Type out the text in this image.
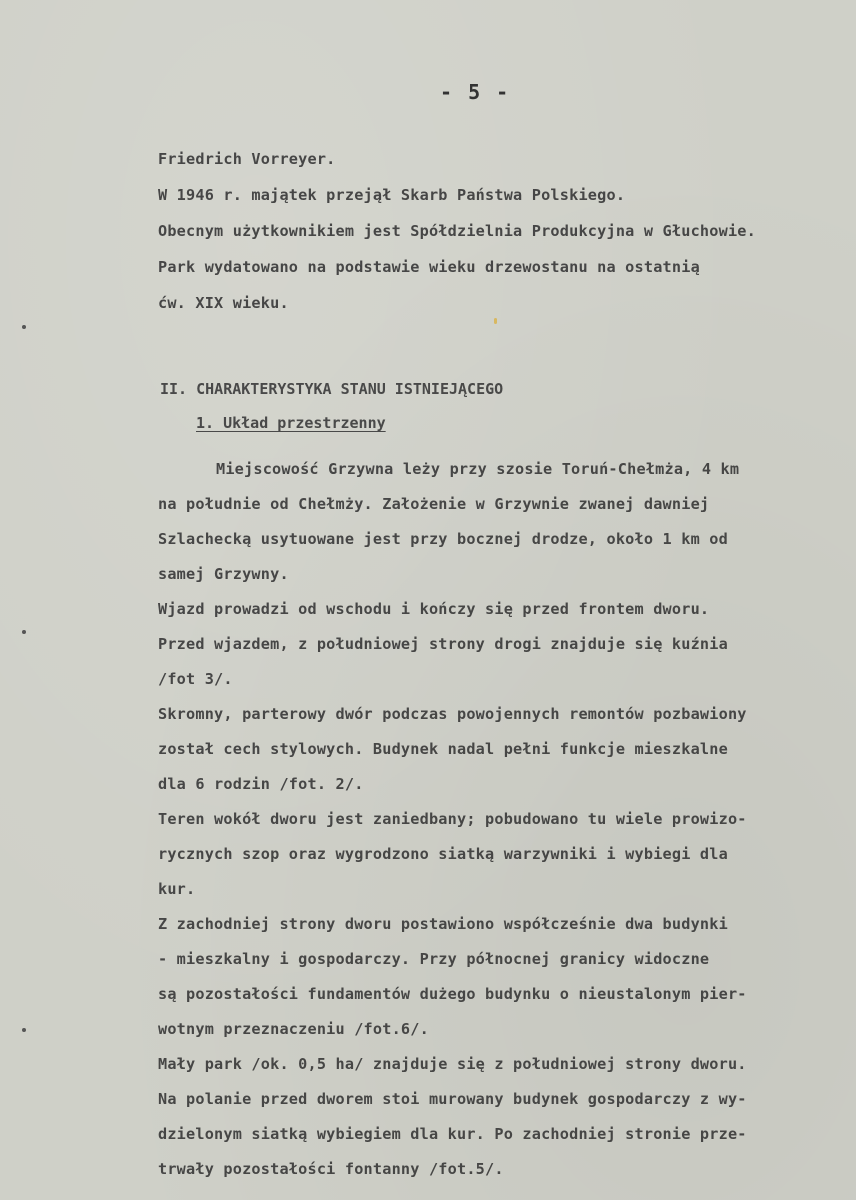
- 5 -
Friedrich Vorreyer.
W 1946 r. majątek przejął Skarb Państwa Polskiego.
Obecnym użytkownikiem jest Spółdzielnia Produkcyjna w Głuchowie.
Park wydatowano na podstawie wieku drzewostanu na ostatnią
ćw. XIX wieku.
II. CHARAKTERYSTYKA STANU ISTNIEJĄCEGO
1. Układ przestrzenny
Miejscowość Grzywna leży przy szosie Toruń-Chełmża, 4 km
na południe od Chełmży. Założenie w Grzywnie zwanej dawniej
Szlachecką usytuowane jest przy bocznej drodze, około 1 km od
samej Grzywny.
Wjazd prowadzi od wschodu i kończy się przed frontem dworu.
Przed wjazdem, z południowej strony drogi znajduje się kuźnia
/fot 3/.
Skromny, parterowy dwór podczas powojennych remontów pozbawiony
został cech stylowych. Budynek nadal pełni funkcje mieszkalne
dla 6 rodzin /fot. 2/.
Teren wokół dworu jest zaniedbany; pobudowano tu wiele prowizo-
rycznych szop oraz wygrodzono siatką warzywniki i wybiegi dla
kur.
Z zachodniej strony dworu postawiono współcześnie dwa budynki
- mieszkalny i gospodarczy. Przy północnej granicy widoczne
są pozostałości fundamentów dużego budynku o nieustalonym pier-
wotnym przeznaczeniu /fot.6/.
Mały park /ok. 0,5 ha/ znajduje się z południowej strony dworu.
Na polanie przed dworem stoi murowany budynek gospodarczy z wy-
dzielonym siatką wybiegiem dla kur. Po zachodniej stronie prze-
trwały pozostałości fontanny /fot.5/.
